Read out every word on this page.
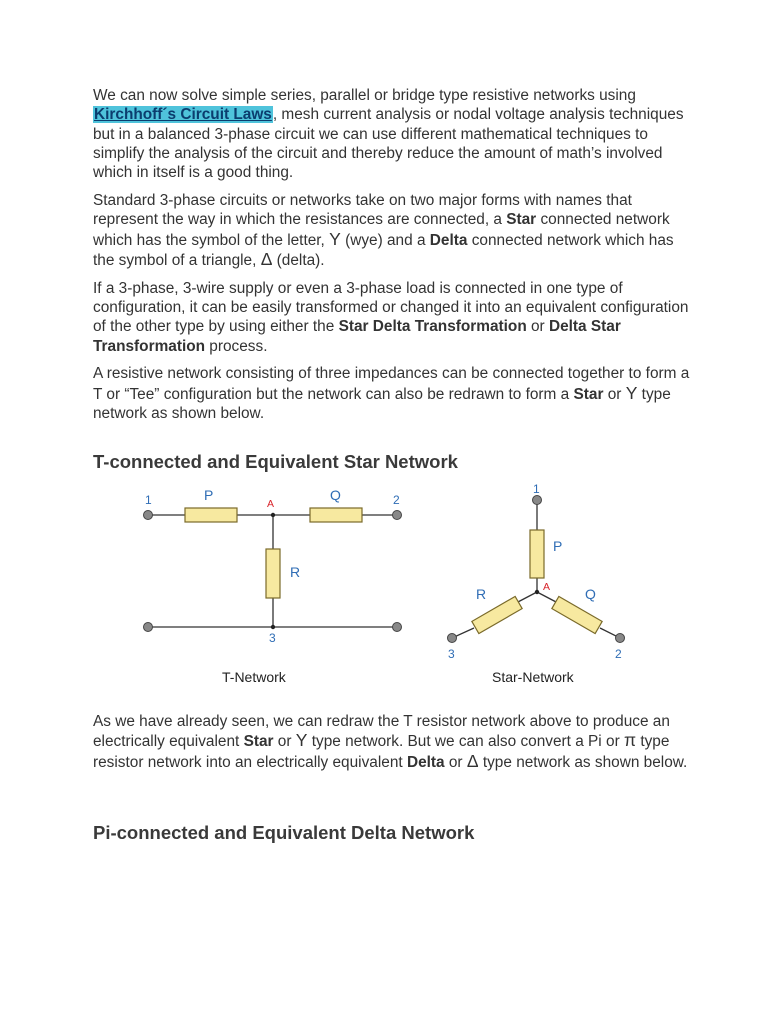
We can now solve simple series, parallel or bridge type resistive networks using Kirchhoff´s Circuit Laws, mesh current analysis or nodal voltage analysis techniques but in a balanced 3-phase circuit we can use different mathematical techniques to simplify the analysis of the circuit and thereby reduce the amount of math’s involved which in itself is a good thing.

Standard 3-phase circuits or networks take on two major forms with names that represent the way in which the resistances are connected, a Star connected network which has the symbol of the letter, Υ (wye) and a Delta connected network which has the symbol of a triangle, Δ (delta).

If a 3-phase, 3-wire supply or even a 3-phase load is connected in one type of configuration, it can be easily transformed or changed it into an equivalent configuration of the other type by using either the Star Delta Transformation or Delta Star Transformation process.

A resistive network consisting of three impedances can be connected together to form a T or “Tee” configuration but the network can also be redrawn to form a Star or Υ type network as shown below.

T-connected and Equivalent Star Network
1	P
A
Q	2
R
3
T-Network
1
P
A
R	Q
3	2
Star-Network

As we have already seen, we can redraw the T resistor network above to produce an electrically equivalent Star or Υ type network. But we can also convert a Pi or π type resistor network into an electrically equivalent Delta or Δ type network as shown below.

Pi-connected and Equivalent Delta Network
